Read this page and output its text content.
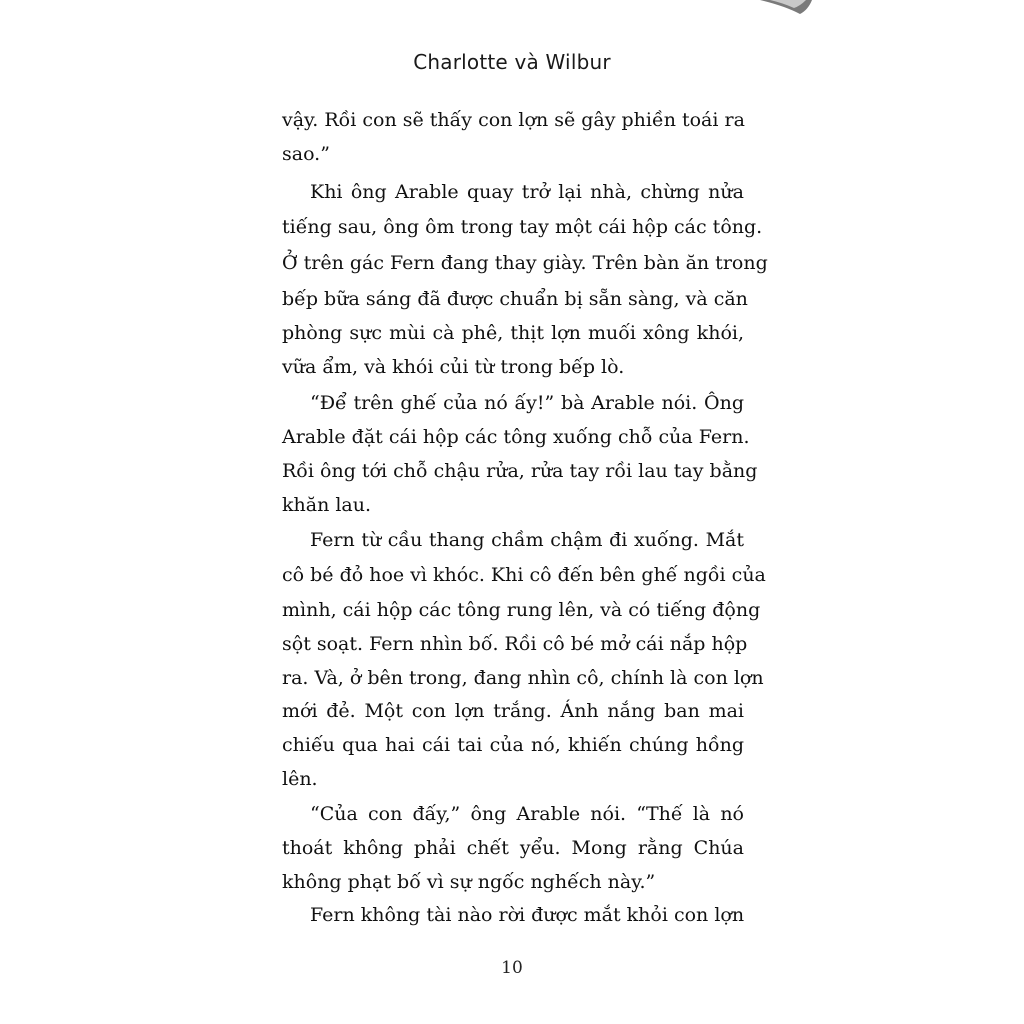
Charlotte và Wilbur
vậy. Rồi con sẽ thấy con lợn sẽ gây phiền toái ra
sao.”
Khi ông Arable quay trở lại nhà, chừng nửa
tiếng sau, ông ôm trong tay một cái hộp các tông.
Ở trên gác Fern đang thay giày. Trên bàn ăn trong
bếp bữa sáng đã được chuẩn bị sẵn sàng, và căn
phòng sực mùi cà phê, thịt lợn muối xông khói,
vữa ẩm, và khói củi từ trong bếp lò.
“Để trên ghế của nó ấy!” bà Arable nói. Ông
Arable đặt cái hộp các tông xuống chỗ của Fern.
Rồi ông tới chỗ chậu rửa, rửa tay rồi lau tay bằng
khăn lau.
Fern từ cầu thang chầm chậm đi xuống. Mắt
cô bé đỏ hoe vì khóc. Khi cô đến bên ghế ngồi của
mình, cái hộp các tông rung lên, và có tiếng động
sột soạt. Fern nhìn bố. Rồi cô bé mở cái nắp hộp
ra. Và, ở bên trong, đang nhìn cô, chính là con lợn
mới đẻ. Một con lợn trắng. Ánh nắng ban mai
chiếu qua hai cái tai của nó, khiến chúng hồng
lên.
“Của con đấy,” ông Arable nói. “Thế là nó
thoát không phải chết yểu. Mong rằng Chúa
không phạt bố vì sự ngốc nghếch này.”
Fern không tài nào rời được mắt khỏi con lợn
10
